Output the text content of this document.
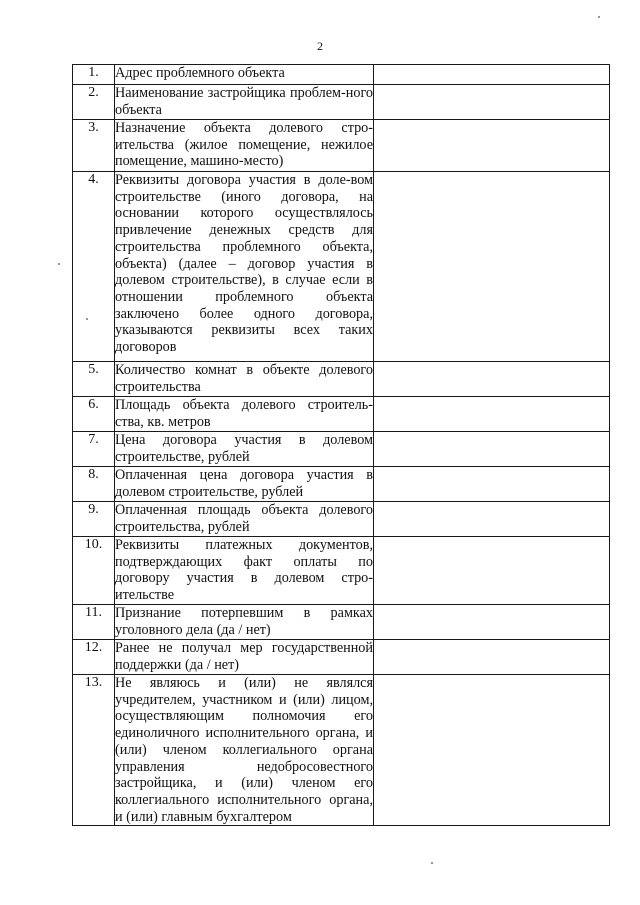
2
1.	Адрес проблемного объекта	
2.	Наименование застройщика проблем-ного объекта	
3.	Назначение объекта долевого стро-ительства (жилое помещение, нежилое помещение, машино-место)	
4.	Реквизиты договора участия в доле-вом строительстве (иного договора, на основании которого осуществлялось привлечение денежных средств для строительства проблемного объекта, объекта) (далее – договор участия в долевом строительстве), в случае если в отношении проблемного объекта заключено более одного договора, указываются реквизиты всех таких договоров	
5.	Количество комнат в объекте долевого строительства	
6.	Площадь объекта долевого строитель-ства, кв. метров	
7.	Цена договора участия в долевом строительстве, рублей	
8.	Оплаченная цена договора участия в долевом строительстве, рублей	
9.	Оплаченная площадь объекта долевого строительства, рублей	
10.	Реквизиты платежных документов, подтверждающих факт оплаты по договору участия в долевом стро-ительстве	
11.	Признание потерпевшим в рамках уголовного дела (да / нет)	
12.	Ранее не получал мер государственной поддержки (да / нет)	
13.	Не являюсь и (или) не являлся учредителем, участником и (или) лицом, осуществляющим полномочия его единоличного исполнительного органа, и (или) членом коллегиального органа управления недобросовестного застройщика, и (или) членом его коллегиального исполнительного органа, и (или) главным бухгалтером	
